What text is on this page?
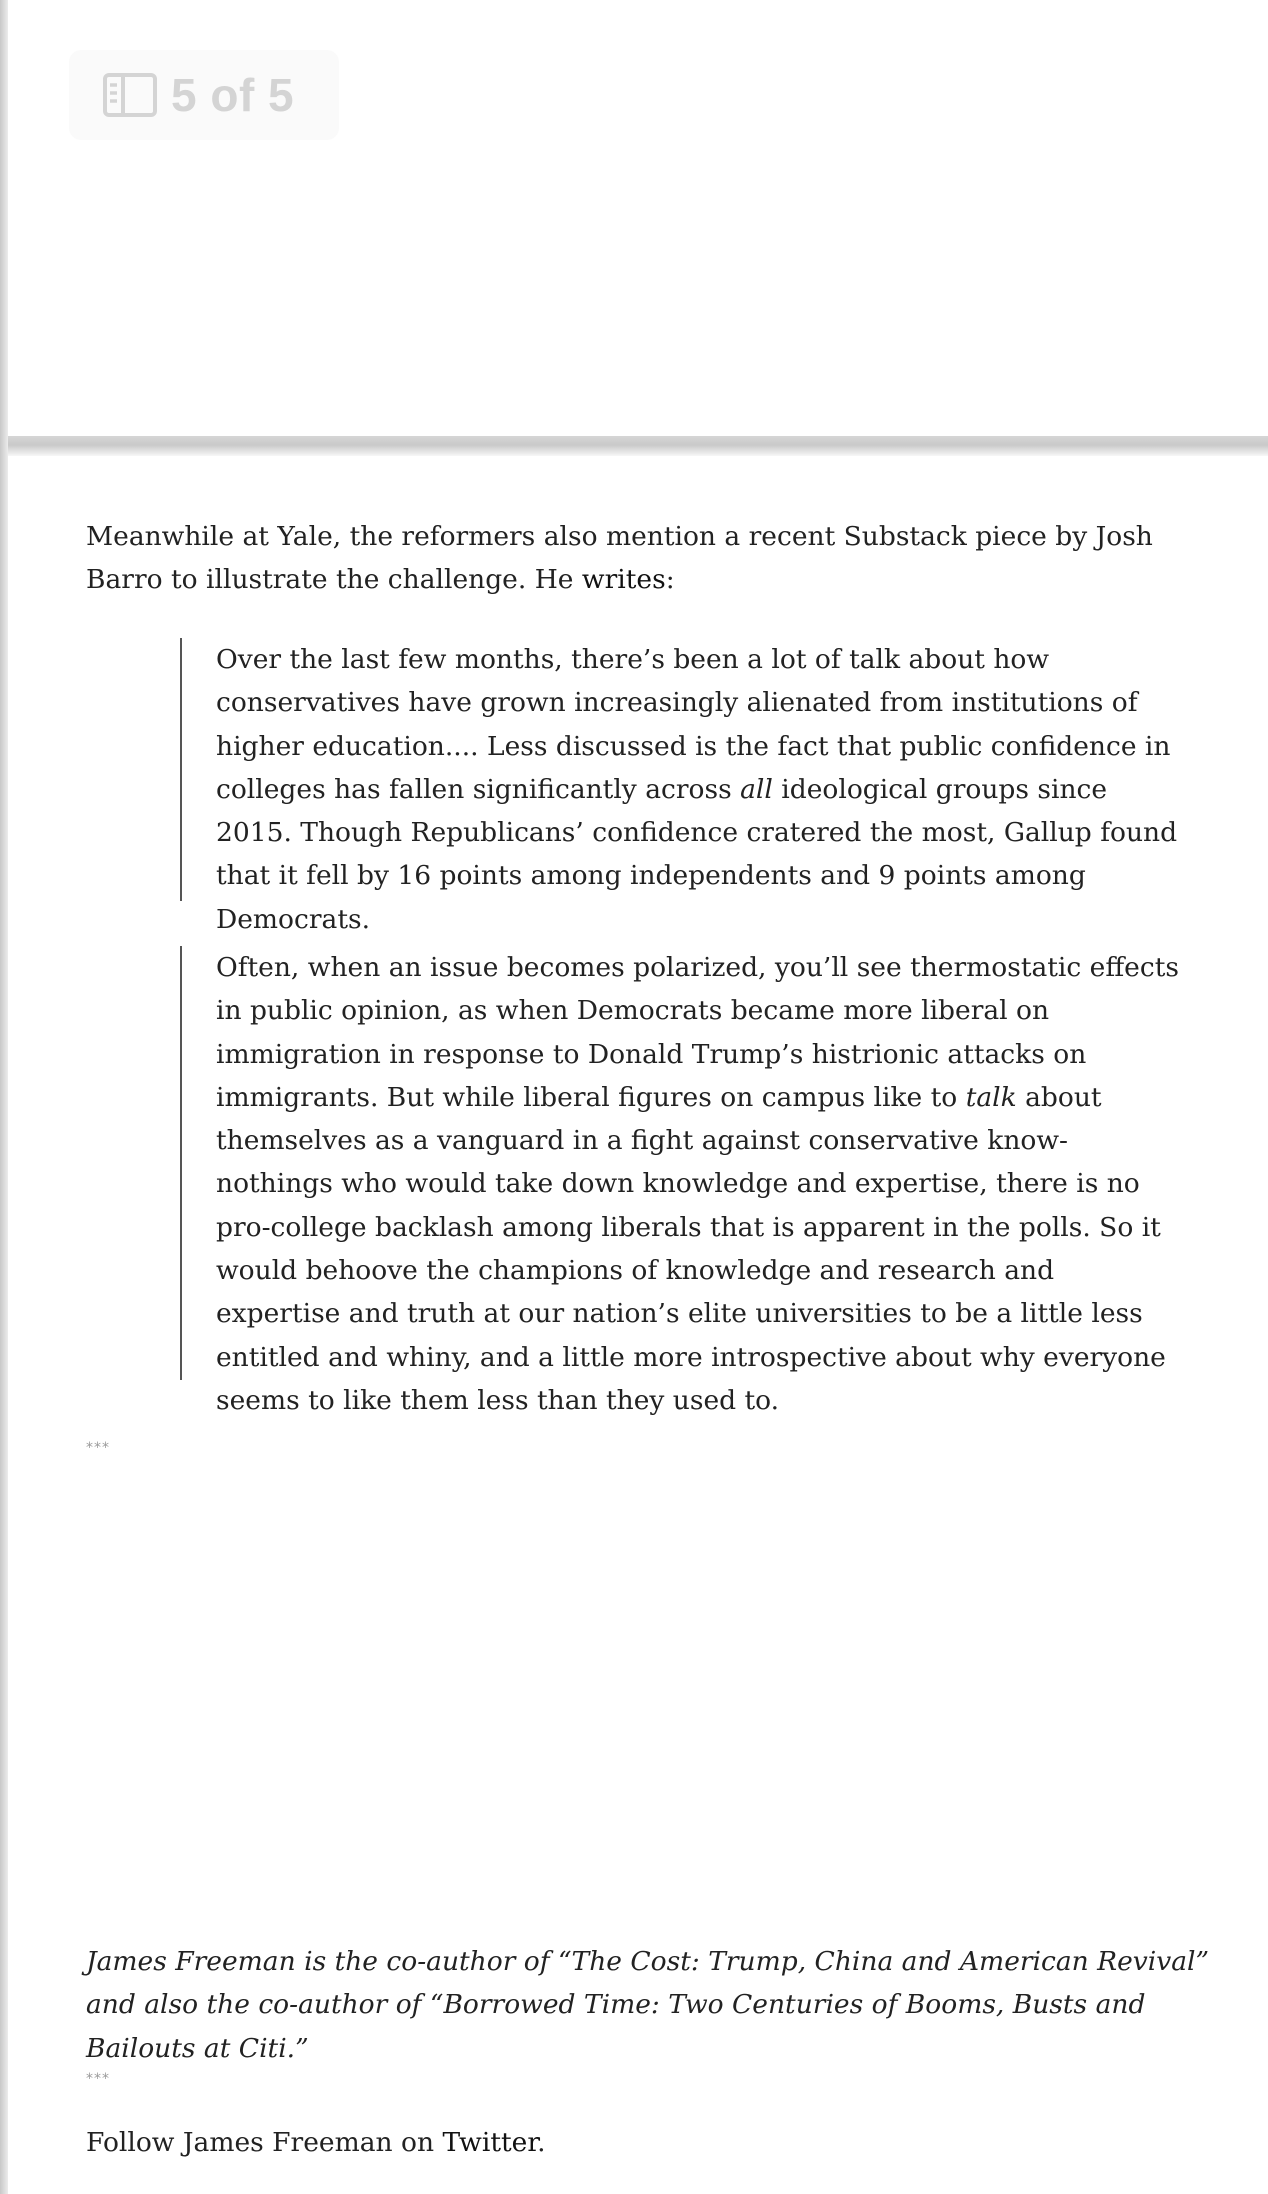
5 of 5

Meanwhile at Yale, the reformers also mention a recent Substack piece by Josh Barro to illustrate the challenge. He writes:

Over the last few months, there’s been a lot of talk about how conservatives have grown increasingly alienated from institutions of higher education.... Less discussed is the fact that public confidence in colleges has fallen significantly across all ideological groups since 2015. Though Republicans’ confidence cratered the most, Gallup found that it fell by 16 points among independents and 9 points among Democrats.

Often, when an issue becomes polarized, you’ll see thermostatic effects in public opinion, as when Democrats became more liberal on immigration in response to Donald Trump’s histrionic attacks on immigrants. But while liberal figures on campus like to talk about themselves as a vanguard in a fight against conservative know-nothings who would take down knowledge and expertise, there is no pro-college backlash among liberals that is apparent in the polls. So it would behoove the champions of knowledge and research and expertise and truth at our nation’s elite universities to be a little less entitled and whiny, and a little more introspective about why everyone seems to like them less than they used to.

***

James Freeman is the co-author of “The Cost: Trump, China and American Revival” and also the co-author of “Borrowed Time: Two Centuries of Booms, Busts and Bailouts at Citi.”

***

Follow James Freeman on Twitter.
